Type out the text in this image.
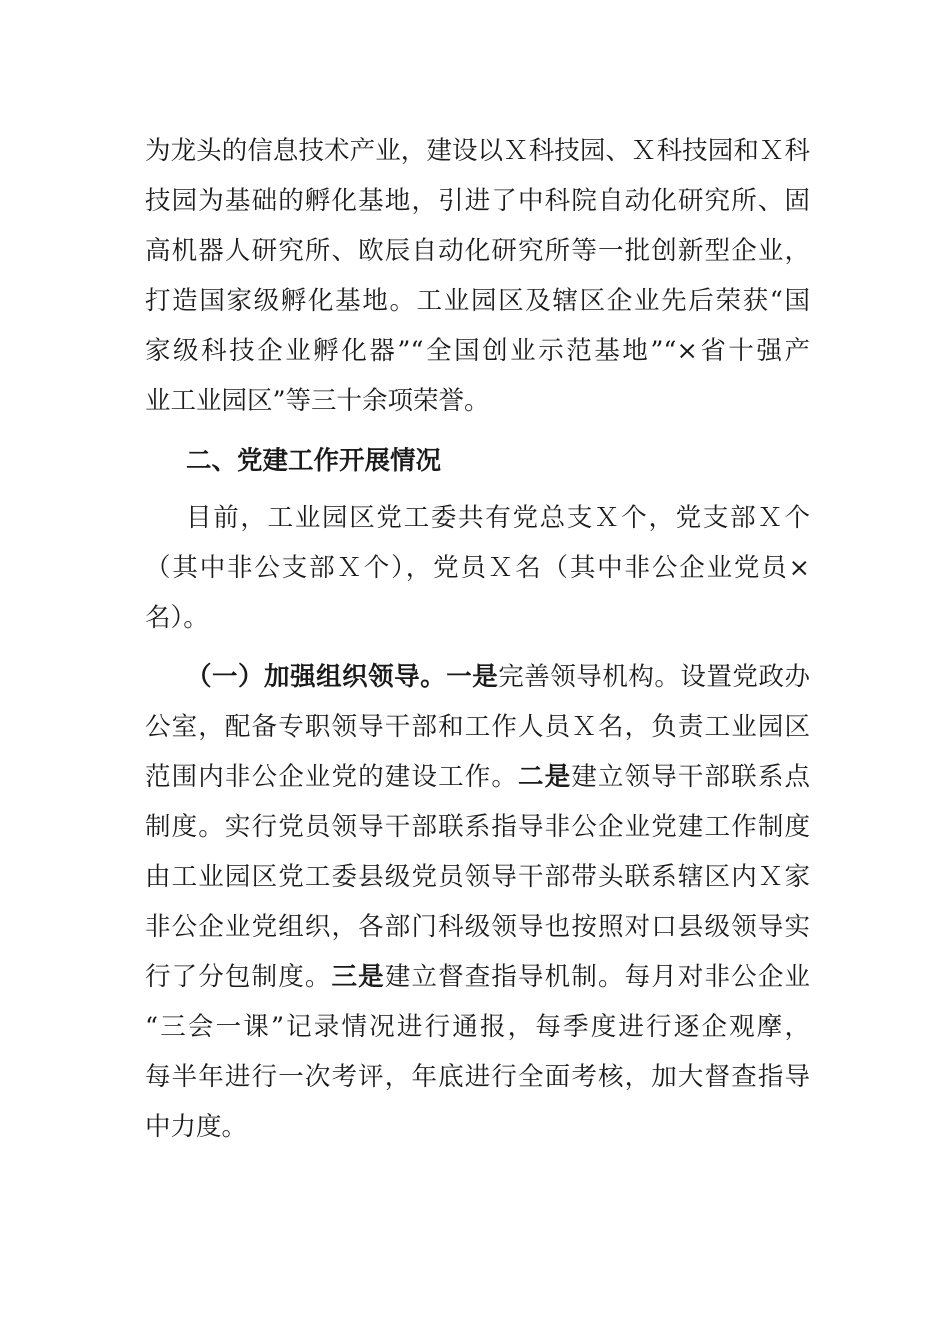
为龙头的信息技术产业，建设以Ｘ科技园、Ｘ科技园和Ｘ科
技园为基础的孵化基地，引进了中科院自动化研究所、固
高机器人研究所、欧辰自动化研究所等一批创新型企业，
打造国家级孵化基地。工业园区及辖区企业先后荣获“国
家级科技企业孵化器”“全国创业示范基地”“×省十强产
业工业园区”等三十余项荣誉。
二、党建工作开展情况
目前，工业园区党工委共有党总支Ｘ个，党支部Ｘ个
（其中非公支部Ｘ个），党员Ｘ名（其中非公企业党员×
名）。
（一）加强组织领导。一是完善领导机构。设置党政办
公室，配备专职领导干部和工作人员Ｘ名，负责工业园区
范围内非公企业党的建设工作。二是建立领导干部联系点
制度。实行党员领导干部联系指导非公企业党建工作制度
由工业园区党工委县级党员领导干部带头联系辖区内Ｘ家
非公企业党组织，各部门科级领导也按照对口县级领导实
行了分包制度。三是建立督查指导机制。每月对非公企业
“三会一课”记录情况进行通报，每季度进行逐企观摩，
每半年进行一次考评，年底进行全面考核，加大督查指导
中力度。
